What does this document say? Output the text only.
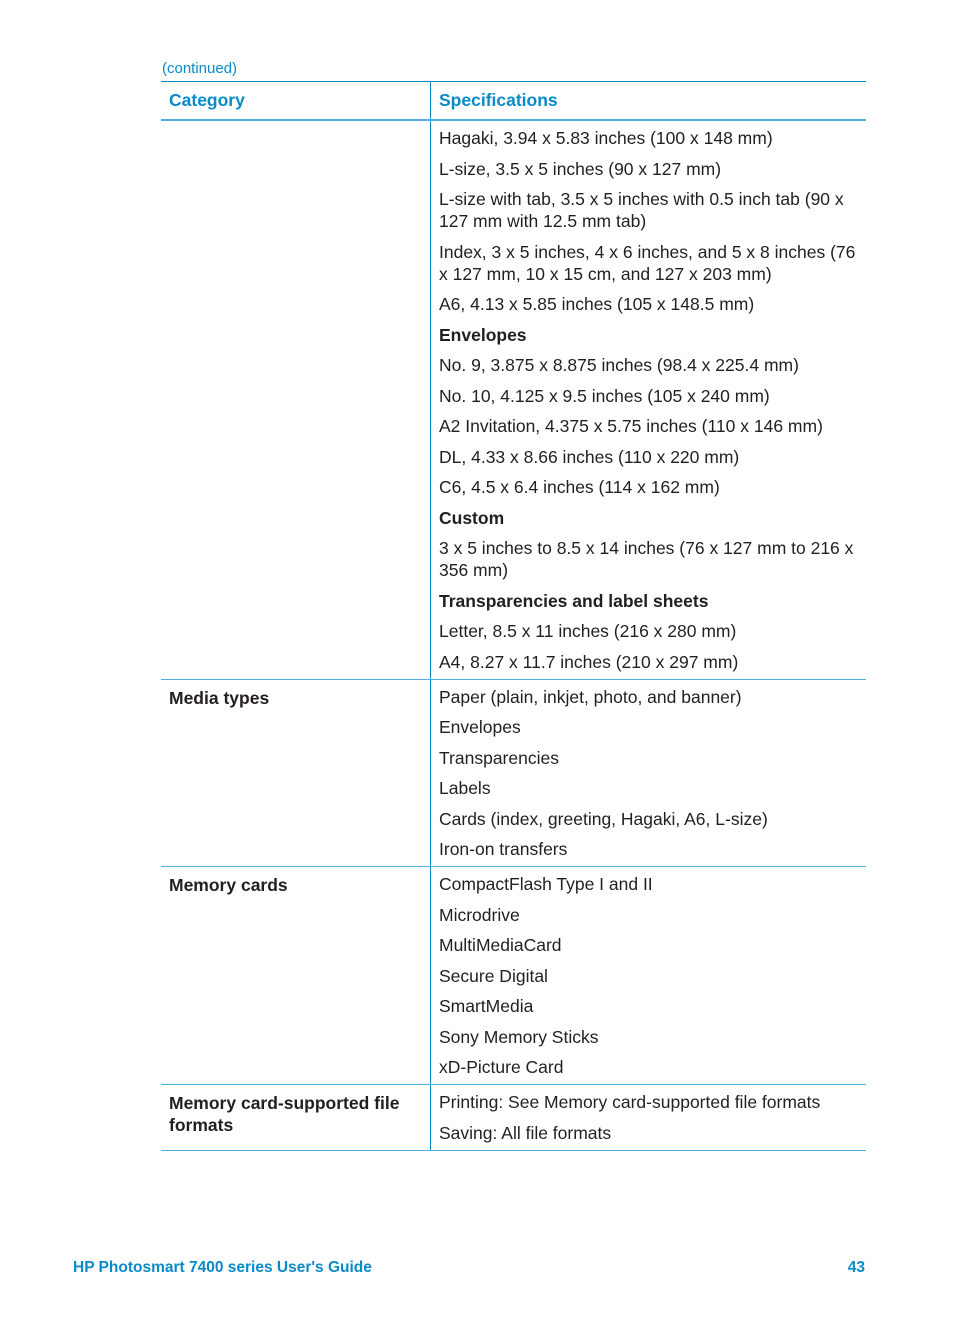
(continued)
Category	Specifications

Hagaki, 3.94 x 5.83 inches (100 x 148 mm)
L-size, 3.5 x 5 inches (90 x 127 mm)
L-size with tab, 3.5 x 5 inches with 0.5 inch tab (90 x 127 mm with 12.5 mm tab)
Index, 3 x 5 inches, 4 x 6 inches, and 5 x 8 inches (76 x 127 mm, 10 x 15 cm, and 127 x 203 mm)
A6, 4.13 x 5.85 inches (105 x 148.5 mm)
Envelopes
No. 9, 3.875 x 8.875 inches (98.4 x 225.4 mm)
No. 10, 4.125 x 9.5 inches (105 x 240 mm)
A2 Invitation, 4.375 x 5.75 inches (110 x 146 mm)
DL, 4.33 x 8.66 inches (110 x 220 mm)
C6, 4.5 x 6.4 inches (114 x 162 mm)
Custom
3 x 5 inches to 8.5 x 14 inches (76 x 127 mm to 216 x 356 mm)
Transparencies and label sheets
Letter, 8.5 x 11 inches (216 x 280 mm)
A4, 8.27 x 11.7 inches (210 x 297 mm)

Media types	Paper (plain, inkjet, photo, and banner)
Envelopes
Transparencies
Labels
Cards (index, greeting, Hagaki, A6, L-size)
Iron-on transfers

Memory cards	CompactFlash Type I and II
Microdrive
MultiMediaCard
Secure Digital
SmartMedia
Sony Memory Sticks
xD-Picture Card

Memory card-supported file formats	Printing: See Memory card-supported file formats
Saving: All file formats
HP Photosmart 7400 series User's Guide	43
